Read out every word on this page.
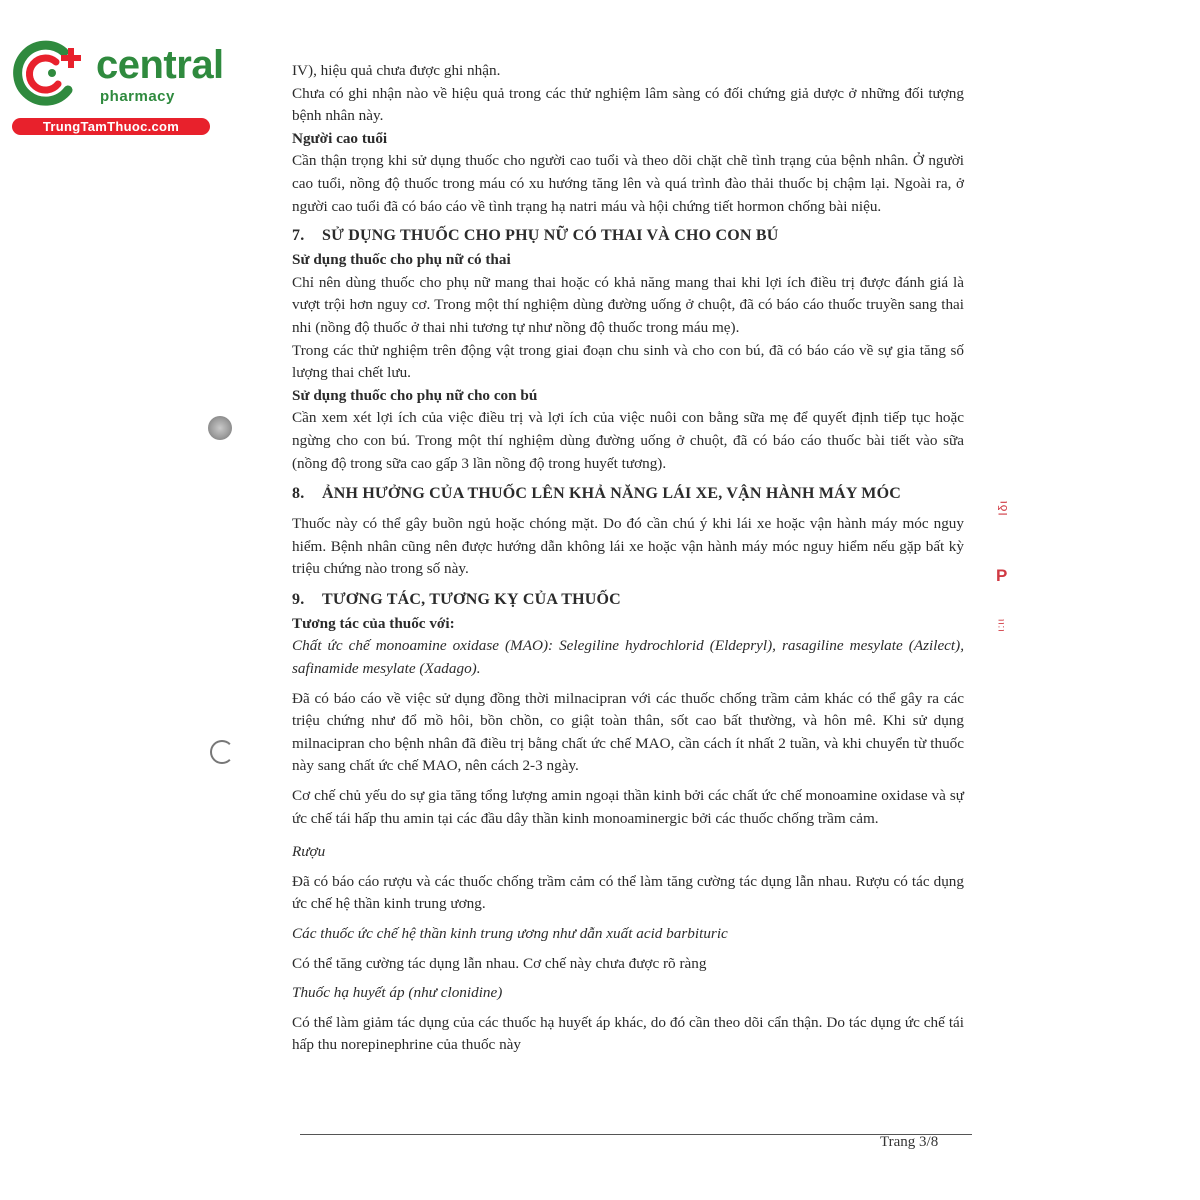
central
pharmacy
TrungTamThuoc.com
Ιδι
P
ι:ιι

IV), hiệu quả chưa được ghi nhận.

Chưa có ghi nhận nào về hiệu quả trong các thử nghiệm lâm sàng có đối chứng giả dược ở những đối tượng bệnh nhân này.

Người cao tuổi

Cần thận trọng khi sử dụng thuốc cho người cao tuổi và theo dõi chặt chẽ tình trạng của bệnh nhân. Ở người cao tuổi, nồng độ thuốc trong máu có xu hướng tăng lên và quá trình đào thải thuốc bị chậm lại. Ngoài ra, ở người cao tuổi đã có báo cáo về tình trạng hạ natri máu và hội chứng tiết hormon chống bài niệu.

7. SỬ DỤNG THUỐC CHO PHỤ NỮ CÓ THAI VÀ CHO CON BÚ
Sử dụng thuốc cho phụ nữ có thai

Chỉ nên dùng thuốc cho phụ nữ mang thai hoặc có khả năng mang thai khi lợi ích điều trị được đánh giá là vượt trội hơn nguy cơ. Trong một thí nghiệm dùng đường uống ở chuột, đã có báo cáo thuốc truyền sang thai nhi (nồng độ thuốc ở thai nhi tương tự như nồng độ thuốc trong máu mẹ).

Trong các thử nghiệm trên động vật trong giai đoạn chu sinh và cho con bú, đã có báo cáo về sự gia tăng số lượng thai chết lưu.

Sử dụng thuốc cho phụ nữ cho con bú

Cần xem xét lợi ích của việc điều trị và lợi ích của việc nuôi con bằng sữa mẹ để quyết định tiếp tục hoặc ngừng cho con bú. Trong một thí nghiệm dùng đường uống ở chuột, đã có báo cáo thuốc bài tiết vào sữa (nồng độ trong sữa cao gấp 3 lần nồng độ trong huyết tương).

8. ẢNH HƯỞNG CỦA THUỐC LÊN KHẢ NĂNG LÁI XE, VẬN HÀNH MÁY MÓC

Thuốc này có thể gây buồn ngủ hoặc chóng mặt. Do đó cần chú ý khi lái xe hoặc vận hành máy móc nguy hiểm. Bệnh nhân cũng nên được hướng dẫn không lái xe hoặc vận hành máy móc nguy hiểm nếu gặp bất kỳ triệu chứng nào trong số này.

9. TƯƠNG TÁC, TƯƠNG KỴ CỦA THUỐC
Tương tác của thuốc với:

Chất ức chế monoamine oxidase (MAO): Selegiline hydrochlorid (Eldepryl), rasagiline mesylate (Azilect), safinamide mesylate (Xadago).

Đã có báo cáo về việc sử dụng đồng thời milnacipran với các thuốc chống trầm cảm khác có thể gây ra các triệu chứng như đổ mồ hôi, bồn chồn, co giật toàn thân, sốt cao bất thường, và hôn mê. Khi sử dụng milnacipran cho bệnh nhân đã điều trị bằng chất ức chế MAO, cần cách ít nhất 2 tuần, và khi chuyển từ thuốc này sang chất ức chế MAO, nên cách 2-3 ngày.

Cơ chế chủ yếu do sự gia tăng tổng lượng amin ngoại thần kinh bởi các chất ức chế monoamine oxidase và sự ức chế tái hấp thu amin tại các đầu dây thần kinh monoaminergic bởi các thuốc chống trầm cảm.

Rượu

Đã có báo cáo rượu và các thuốc chống trầm cảm có thể làm tăng cường tác dụng lẫn nhau. Rượu có tác dụng ức chế hệ thần kinh trung ương.

Các thuốc ức chế hệ thần kinh trung ương như dẫn xuất acid barbituric

Có thể tăng cường tác dụng lẫn nhau. Cơ chế này chưa được rõ ràng

Thuốc hạ huyết áp (như clonidine)

Có thể làm giảm tác dụng của các thuốc hạ huyết áp khác, do đó cần theo dõi cẩn thận. Do tác dụng ức chế tái hấp thu norepinephrine của thuốc này

Trang 3/8
